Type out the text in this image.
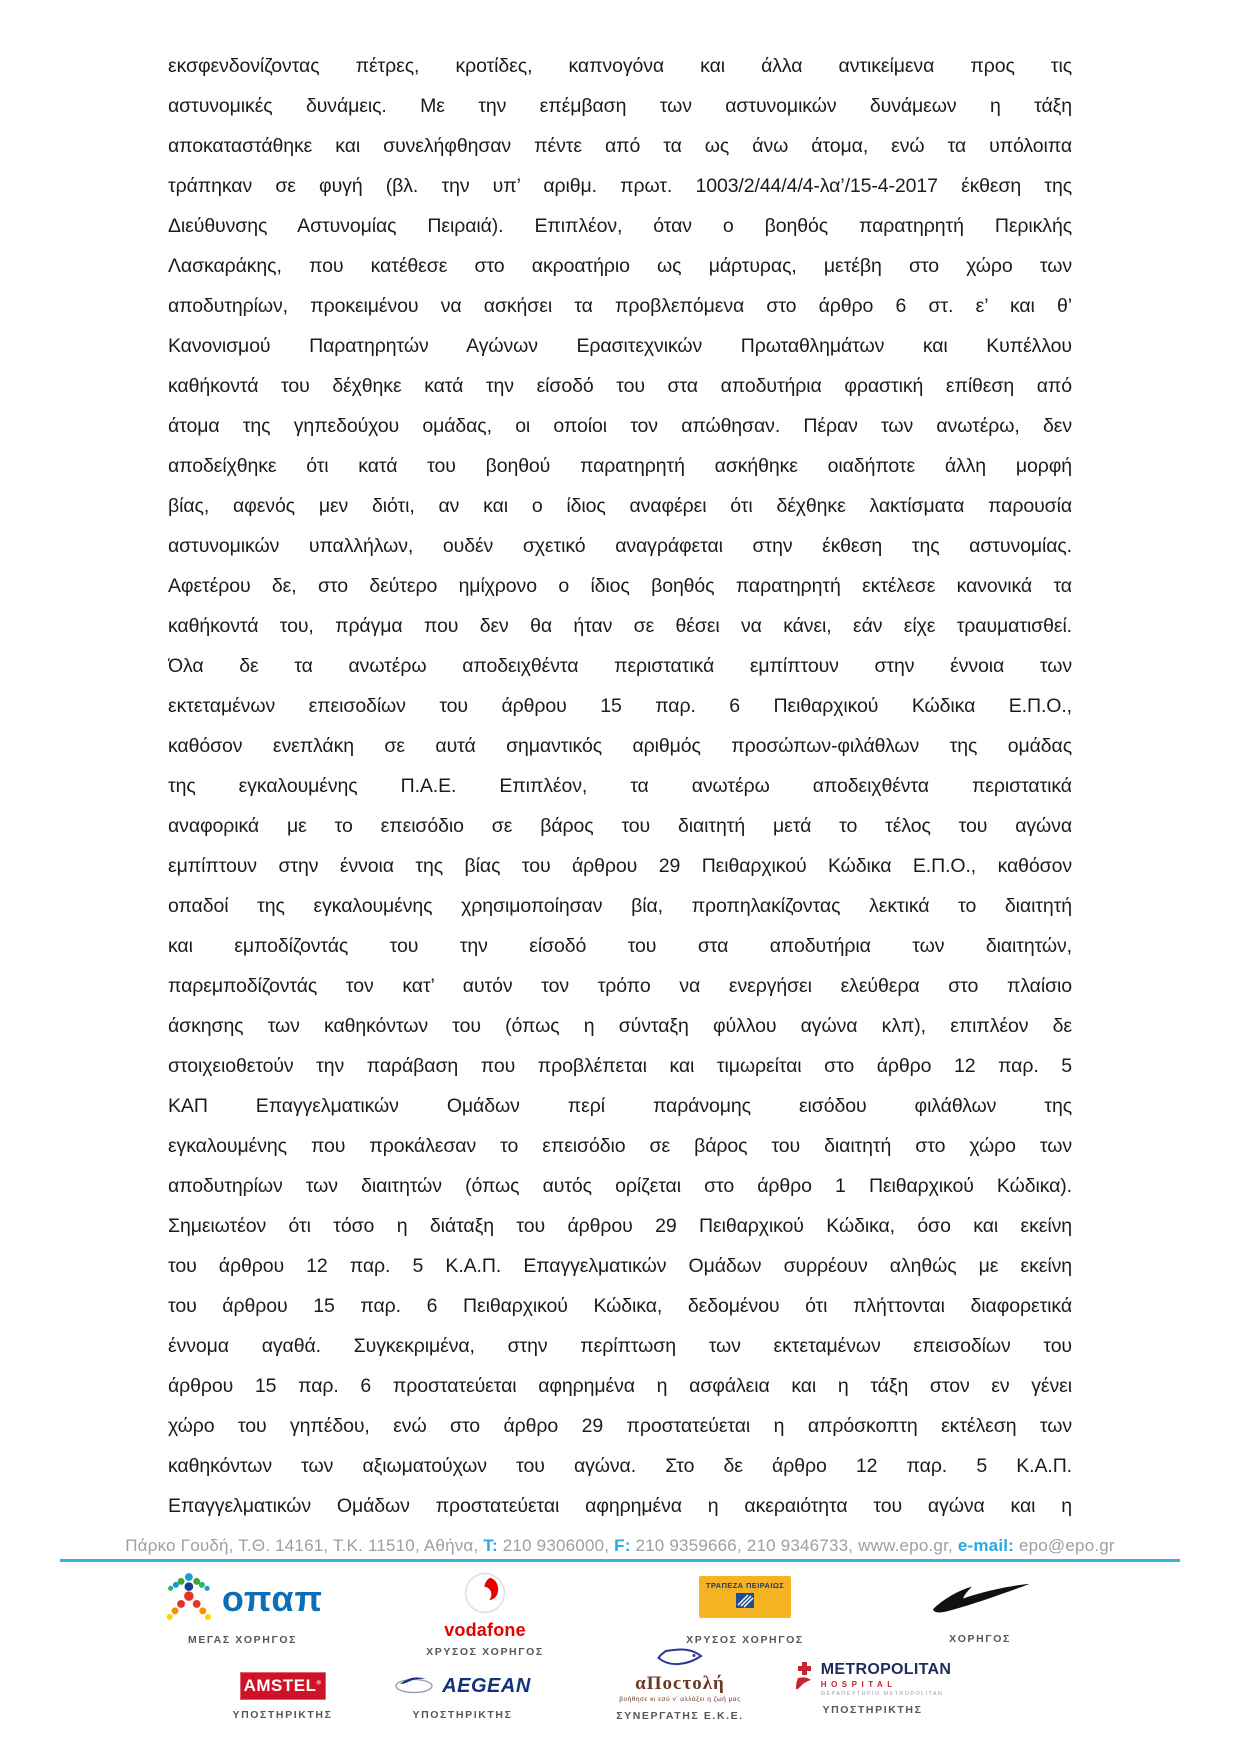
εκσφενδονίζοντας πέτρες, κροτίδες, καπνογόνα και άλλα αντικείμενα προς τις
αστυνομικές δυνάμεις. Με την επέμβαση των αστυνομικών δυνάμεων η τάξη
αποκαταστάθηκε και συνελήφθησαν πέντε από τα ως άνω άτομα, ενώ τα υπόλοιπα
τράπηκαν σε φυγή (βλ. την υπ’ αριθμ. πρωτ. 1003/2/44/4/4-λα’/15-4-2017 έκθεση της
Διεύθυνσης Αστυνομίας Πειραιά). Επιπλέον, όταν ο βοηθός παρατηρητή Περικλής
Λασκαράκης, που κατέθεσε στο ακροατήριο ως μάρτυρας, μετέβη στο χώρο των
αποδυτηρίων, προκειμένου να ασκήσει τα προβλεπόμενα στο άρθρο 6 στ. ε’ και θ’
Κανονισμού Παρατηρητών Αγώνων Ερασιτεχνικών Πρωταθλημάτων και Κυπέλλου
καθήκοντά του δέχθηκε κατά την είσοδό του στα αποδυτήρια φραστική επίθεση από
άτομα της γηπεδούχου ομάδας, οι οποίοι τον απώθησαν. Πέραν των ανωτέρω, δεν
αποδείχθηκε ότι κατά του βοηθού παρατηρητή ασκήθηκε οιαδήποτε άλλη μορφή
βίας, αφενός μεν διότι, αν και ο ίδιος αναφέρει ότι δέχθηκε λακτίσματα παρουσία
αστυνομικών υπαλλήλων, ουδέν σχετικό αναγράφεται στην έκθεση της αστυνομίας.
Αφετέρου δε, στο δεύτερο ημίχρονο ο ίδιος βοηθός παρατηρητή εκτέλεσε κανονικά τα
καθήκοντά του, πράγμα που δεν θα ήταν σε θέσει να κάνει, εάν είχε τραυματισθεί.
Όλα δε τα ανωτέρω αποδειχθέντα περιστατικά εμπίπτουν στην έννοια των
εκτεταμένων επεισοδίων του άρθρου 15 παρ. 6 Πειθαρχικού Κώδικα Ε.Π.Ο.,
καθόσον ενεπλάκη σε αυτά σημαντικός αριθμός προσώπων-φιλάθλων της ομάδας
της εγκαλουμένης Π.Α.Ε. Επιπλέον, τα ανωτέρω αποδειχθέντα περιστατικά
αναφορικά με το επεισόδιο σε βάρος του διαιτητή μετά το τέλος του αγώνα
εμπίπτουν στην έννοια της βίας του άρθρου 29 Πειθαρχικού Κώδικα Ε.Π.Ο., καθόσον
οπαδοί της εγκαλουμένης χρησιμοποίησαν βία, προπηλακίζοντας λεκτικά το διαιτητή
και εμποδίζοντάς του την είσοδό του στα αποδυτήρια των διαιτητών,
παρεμποδίζοντάς τον κατ’ αυτόν τον τρόπο να ενεργήσει ελεύθερα στο πλαίσιο
άσκησης των καθηκόντων του (όπως η σύνταξη φύλλου αγώνα κλπ), επιπλέον δε
στοιχειοθετούν την παράβαση που προβλέπεται και τιμωρείται στο άρθρο 12 παρ. 5
ΚΑΠ Επαγγελματικών Ομάδων περί παράνομης εισόδου φιλάθλων της
εγκαλουμένης που προκάλεσαν το επεισόδιο σε βάρος του διαιτητή στο χώρο των
αποδυτηρίων των διαιτητών (όπως αυτός ορίζεται στο άρθρο 1 Πειθαρχικού Κώδικα).
Σημειωτέον ότι τόσο η διάταξη του άρθρου 29 Πειθαρχικού Κώδικα, όσο και εκείνη
του άρθρου 12 παρ. 5 Κ.Α.Π. Επαγγελματικών Ομάδων συρρέουν αληθώς με εκείνη
του άρθρου 15 παρ. 6 Πειθαρχικού Κώδικα, δεδομένου ότι πλήττονται διαφορετικά
έννομα αγαθά. Συγκεκριμένα, στην περίπτωση των εκτεταμένων επεισοδίων του
άρθρου 15 παρ. 6 προστατεύεται αφηρημένα η ασφάλεια και η τάξη στον εν γένει
χώρο του γηπέδου, ενώ στο άρθρο 29 προστατεύεται η απρόσκοπτη εκτέλεση των
καθηκόντων των αξιωματούχων του αγώνα. Στο δε άρθρο 12 παρ. 5 Κ.Α.Π.
Επαγγελματικών Ομάδων προστατεύεται αφηρημένα η ακεραιότητα του αγώνα και η
Πάρκο Γουδή, Τ.Θ. 14161, Τ.Κ. 11510, Αθήνα, T: 210 9306000, F: 210 9359666, 210 9346733, www.epo.gr, e-mail: epo@epo.gr
οπαπ
ΜΕΓΑΣ ΧΟΡΗΓΟΣ	vodafone
ΧΡΥΣΟΣ ΧΟΡΗΓΟΣ
ΤΡΑΠΕΖΑ ΠΕΙΡΑΙΩΣ
ΧΡΥΣΟΣ ΧΟΡΗΓΟΣ	ΧΟΡΗΓΟΣ
AMSTEL®
ΥΠΟΣΤΗΡΙΚΤΗΣ
AEGEAN
ΥΠΟΣΤΗΡΙΚΤΗΣ
αΠοϲτολή
βοήθησε κι εσύ ν’ αλλάξει η ζωή μας
ΣΥΝΕΡΓΑΤΗΣ Ε.Κ.Ε.
METROPOLITAN
HOSPITAL
ΘΕΡΑΠΕΥΤΗΡΙΟ METROPOLITAN
ΥΠΟΣΤΗΡΙΚΤΗΣ
